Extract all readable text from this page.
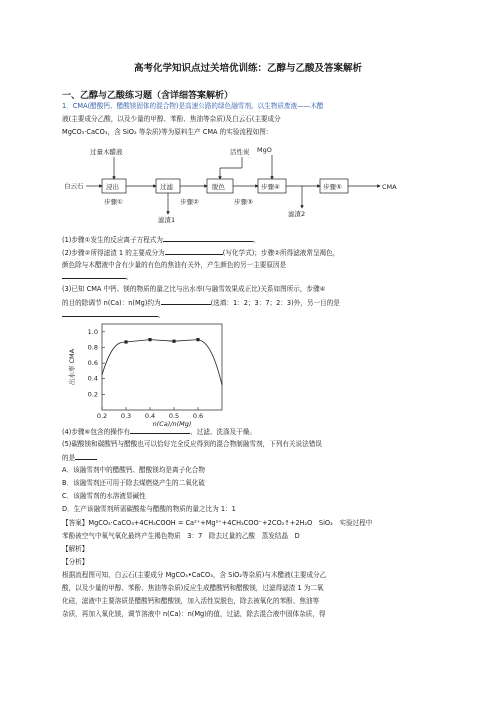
高考化学知识点过关培优训练：乙醇与乙酸及答案解析
一、乙醇与乙酸练习题（含详细答案解析）
1．CMA(醋酸钙、醋酸镁固体的混合物)是高速公路的绿色融雪剂。以生物质废液——木醋
液(主要成分乙酸，以及少量的甲醇、苯酚、焦油等杂质)及白云石(主要成分
MgCO₃·CaCO₃，含 SiO₂ 等杂质)等为原料生产 CMA 的实验流程如图：
过量木醋液	活性炭 MgO
白云石	浸出	过滤	脱色	步骤④	步骤⑤	CMA
步骤①	步骤②	步骤③
滤渣1
滤渣2
(1)步骤①发生的反应离子方程式为	。
(2)步骤②所得滤渣 1 的主要成分为	(写化学式)；步骤②所得滤液常呈褐色，
颜色除与木醋液中含有少量的有色的焦油有关外，产生颜色的另一主要原因是
。
(3)已知 CMA 中钙、镁的物质的量之比与出水率(与融雪效果成正比)关系如图所示，步骤④
的目的除调节 n(Ca)：n(Mg)约为	(选填：1：2；3：7；2：3)外，另一目的是
。
0.2
0.4
0.6
0.8
1.0
0.2 0.3 0.4 0.5 0.6
n(Ca)/n(Mg)
出水率 CMA
(4)步骤⑥包含的操作有	、过滤、洗涤及干燥。
(5)碳酸镁和碳酸钙与醋酸也可以恰好完全反应得到的混合物制融雪剂，下列有关说法错误
的是
A．该融雪剂中的醋酸钙、醋酸镁均是离子化合物
B．该融雪剂还可用于除去煤燃烧产生的二氧化硫
C．该融雪剂的水溶液显碱性
D．生产该融雪剂所需碳酸盐与醋酸的物质的量之比为 1：1
【答案】MgCO₃·CaCO₃+4CH₃COOH = Ca²⁺+Mg²⁺+4CH₃COO⁻+2CO₂↑+2H₂O　SiO₂　实验过程中
苯酚被空气中氧气氧化最终产生褐色物质　3：7　除去过量的乙酸　蒸发结晶　D
【解析】
【分析】
根据流程图可知，白云石(主要成分 MgCO₃•CaCO₃，含 SiO₂等杂质)与木醋液(主要成分乙
酸，以及少量的甲醇、苯酚、焦油等杂质)反应生成醋酸钙和醋酸镁，过滤得滤渣 1 为二氧
化硅，滤液中主要溶质是醋酸钙和醋酸镁，加入活性炭脱色，除去被氧化的苯酚、焦油等
杂质，再加入氧化镁，调节溶液中 n(Ca)：n(Mg)的值，过滤，除去混合液中固体杂质，得
